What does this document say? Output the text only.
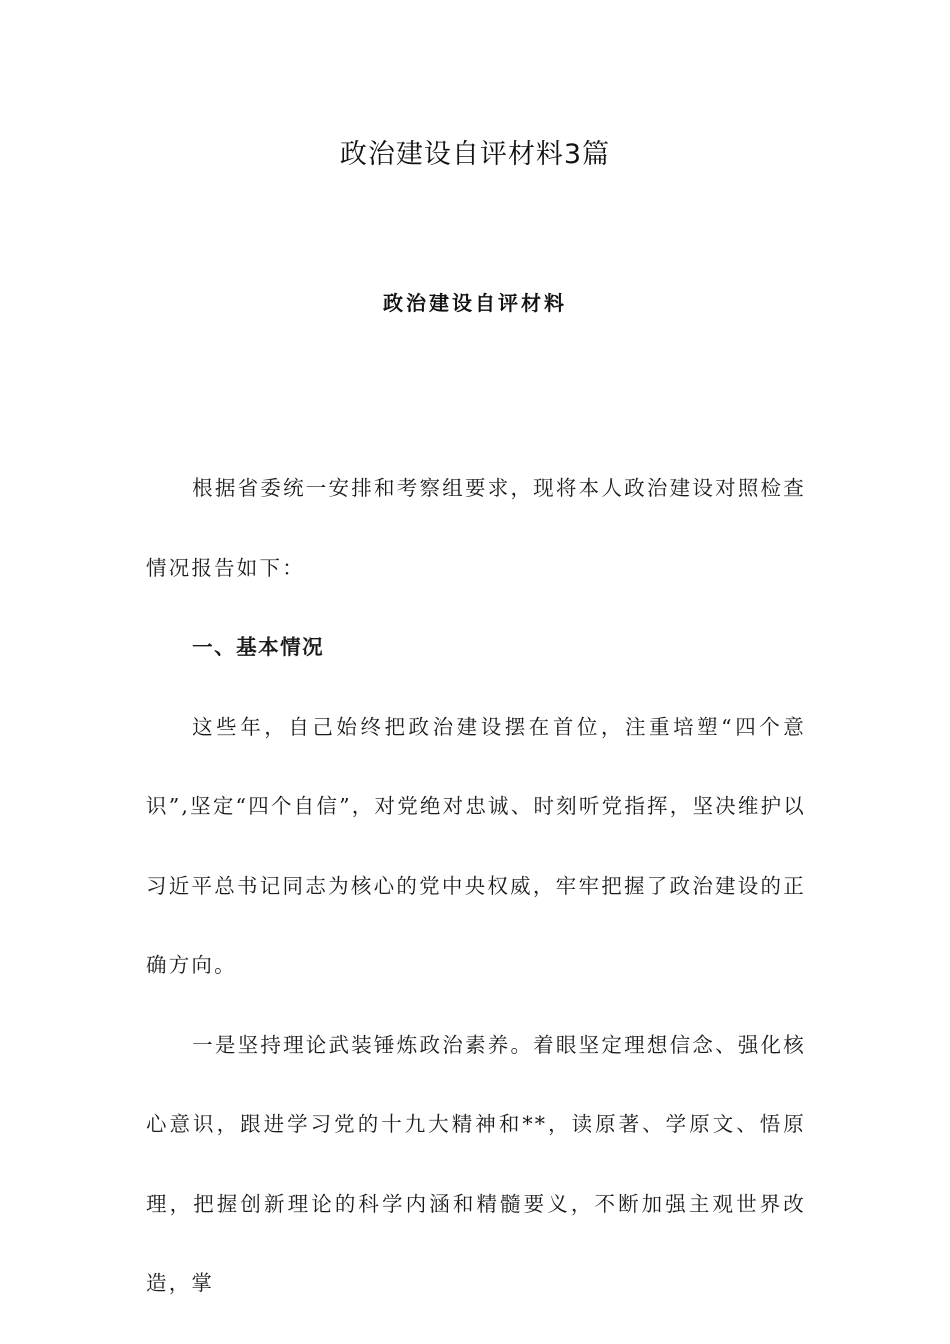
政治建设自评材料3篇
政治建设自评材料

根据省委统一安排和考察组要求，现将本人政治建设对照检查情况报告如下：

一、基本情况

这些年，自己始终把政治建设摆在首位，注重培塑“四个意识”,坚定“四个自信”，对党绝对忠诚、时刻听党指挥，坚决维护以习近平总书记同志为核心的党中央权威，牢牢把握了政治建设的正确方向。

一是坚持理论武装锤炼政治素养。着眼坚定理想信念、强化核心意识，跟进学习党的十九大精神和**，读原著、学原文、悟原理，把握创新理论的科学内涵和精髓要义，不断加强主观世界改造，掌
